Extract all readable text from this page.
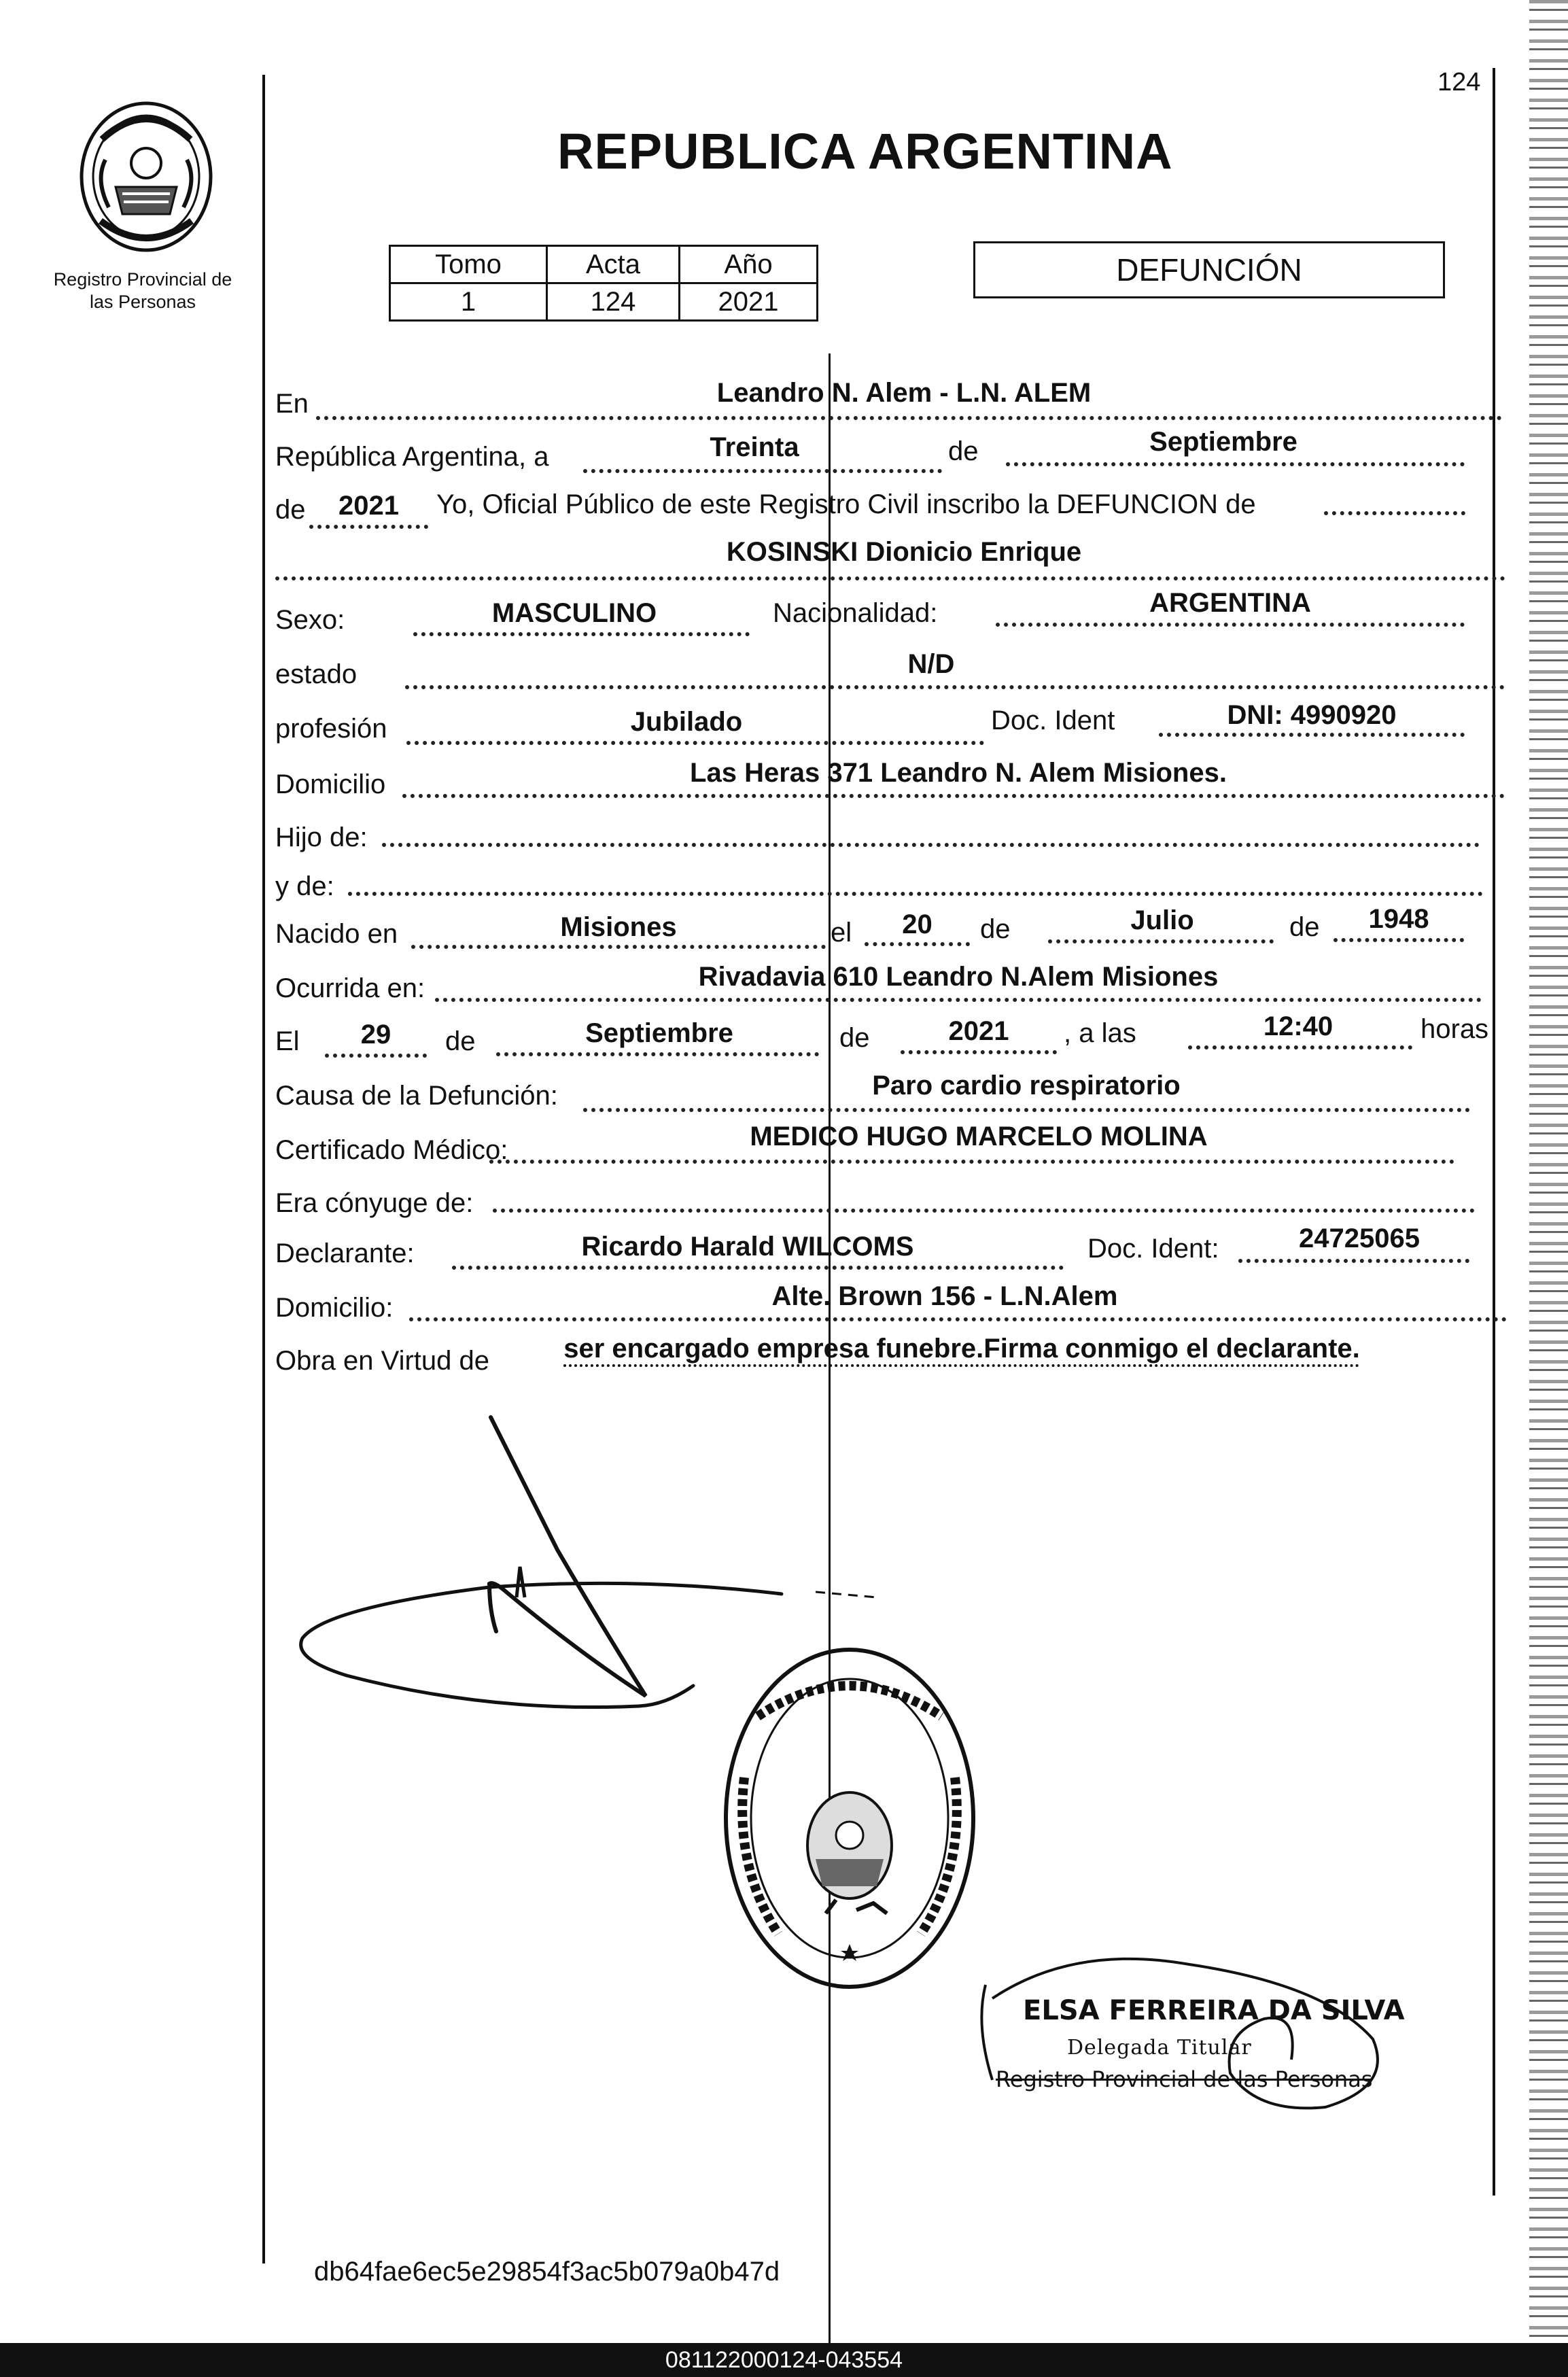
124
Registro Provincial de
las Personas
REPUBLICA ARGENTINA
Tomo	Acta	Año
1	124	2021
DEFUNCIÓN
En	Leandro N. Alem - L.N. ALEM
República Argentina, a	Treinta	de	Septiembre
de	2021	Yo, Oficial Público de este Registro Civil inscribo la DEFUNCION de
KOSINSKI Dionicio Enrique
Sexo:	MASCULINO	Nacionalidad:	ARGENTINA
estado	N/D
profesión	Jubilado	Doc. Ident	DNI: 4990920
Domicilio	Las Heras 371 Leandro N. Alem Misiones.
Hijo de:
y de:
Nacido en	Misiones	el	20	de	Julio	de	1948
Ocurrida en:	Rivadavia 610 Leandro N.Alem Misiones
El	29	de	Septiembre	de	2021	, a las	12:40	horas
Causa de la Defunción:	Paro cardio respiratorio
Certificado Médico:	MEDICO HUGO MARCELO MOLINA
Era cónyuge de:
Declarante:	Ricardo Harald WILCOMS	Doc. Ident:	24725065
Domicilio:	Alte. Brown 156 - L.N.Alem
Obra en Virtud de	ser encargado empresa funebre.Firma conmigo el declarante.
ELSA FERREIRA DA SILVA
Delegada Titular
Registro Provincial de las Personas
db64fae6ec5e29854f3ac5b079a0b47d
081122000124-043554
